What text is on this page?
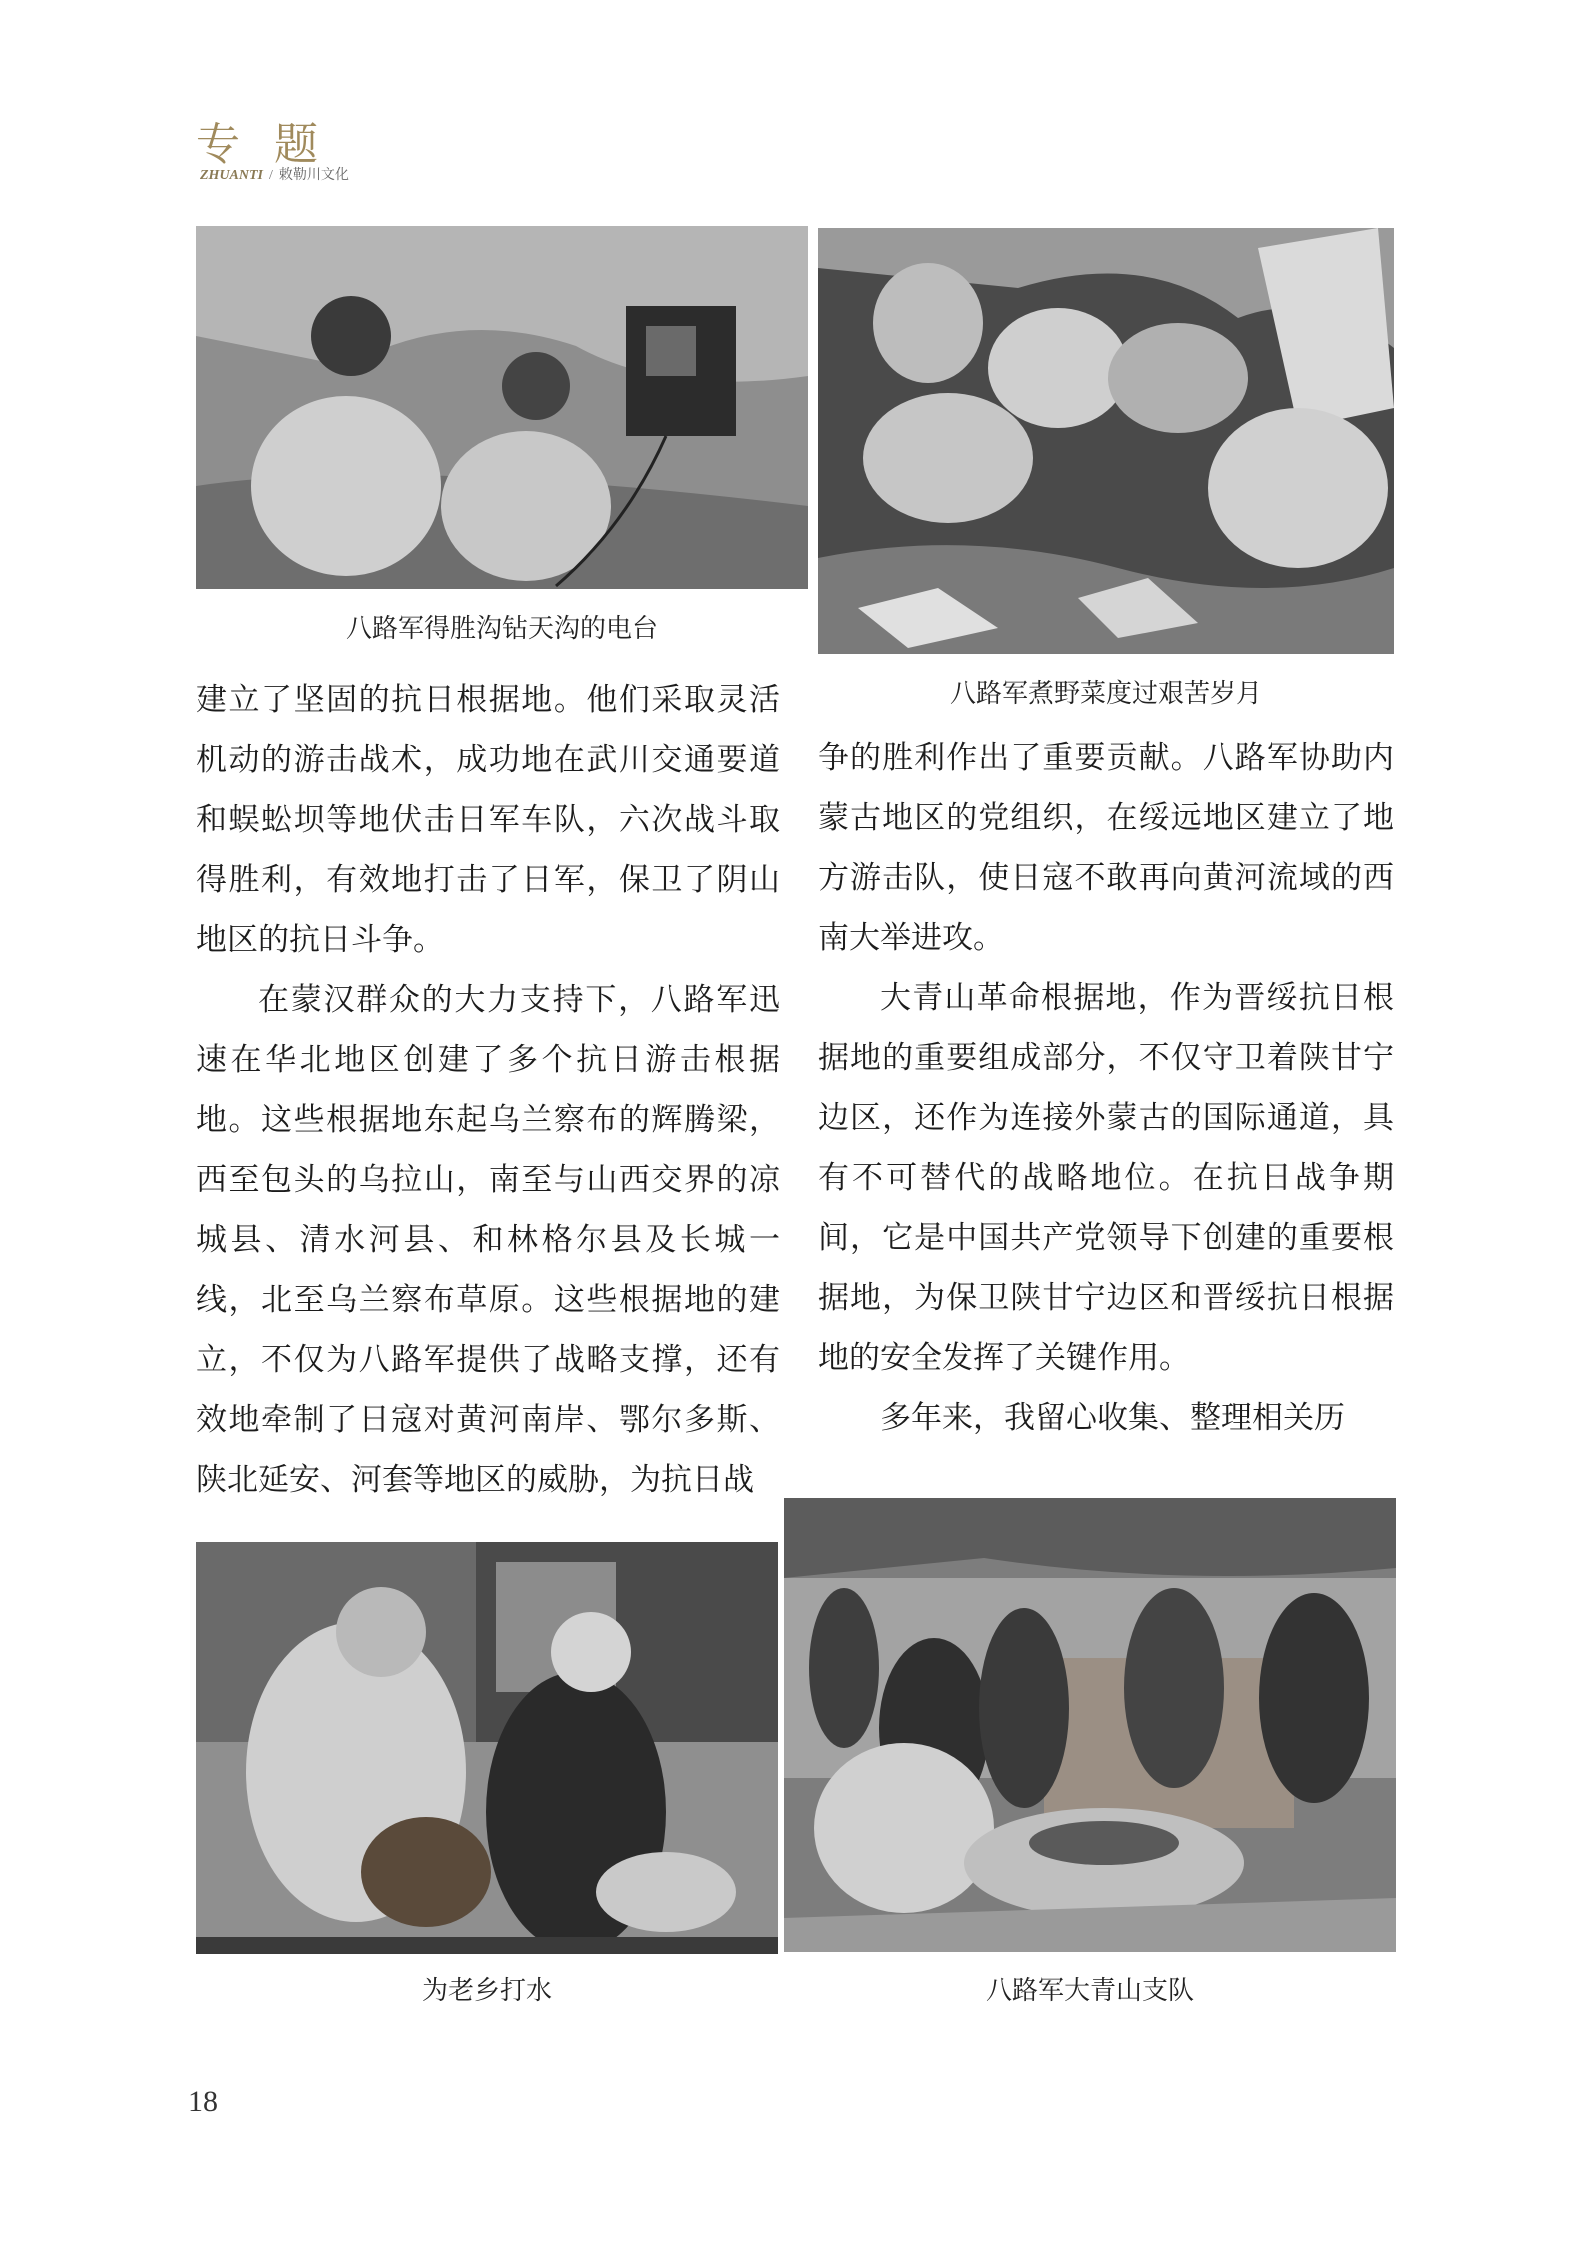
专题
ZHUANTI / 敕勒川文化
八路军得胜沟钻天沟的电台
八路军煮野菜度过艰苦岁月

建立了坚固的抗日根据地。他们采取灵活机动的游击战术，成功地在武川交通要道和蜈蚣坝等地伏击日军车队，六次战斗取得胜利，有效地打击了日军，保卫了阴山地区的抗日斗争。

在蒙汉群众的大力支持下，八路军迅速在华北地区创建了多个抗日游击根据地。这些根据地东起乌兰察布的辉腾梁，西至包头的乌拉山，南至与山西交界的凉城县、清水河县、和林格尔县及长城一线，北至乌兰察布草原。这些根据地的建立，不仅为八路军提供了战略支撑，还有效地牵制了日寇对黄河南岸、鄂尔多斯、陕北延安、河套等地区的威胁，为抗日战

争的胜利作出了重要贡献。八路军协助内蒙古地区的党组织，在绥远地区建立了地方游击队，使日寇不敢再向黄河流域的西南大举进攻。

大青山革命根据地，作为晋绥抗日根据地的重要组成部分，不仅守卫着陕甘宁边区，还作为连接外蒙古的国际通道，具有不可替代的战略地位。在抗日战争期间，它是中国共产党领导下创建的重要根据地，为保卫陕甘宁边区和晋绥抗日根据地的安全发挥了关键作用。

多年来，我留心收集、整理相关历

为老乡打水	八路军大青山支队
18
